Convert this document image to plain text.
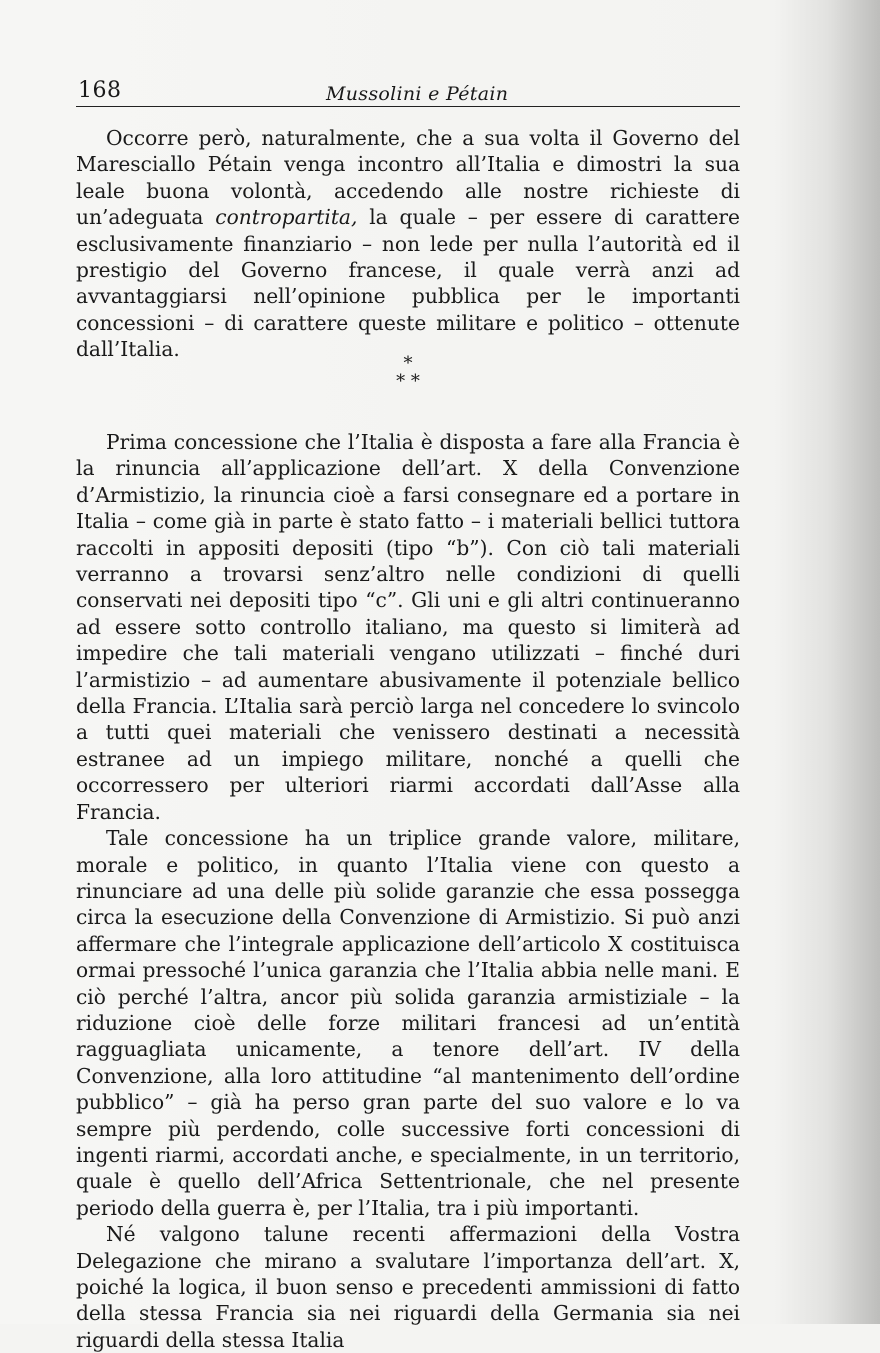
168	Mussolini e Pétain

Occorre però, naturalmente, che a sua volta il Governo del Maresciallo Pétain venga incontro all’Italia e dimostri la sua leale buona volontà, accedendo alle nostre richieste di un’adeguata contropartita, la quale – per essere di carattere esclusivamente finanziario – non lede per nulla l’autorità ed il prestigio del Governo francese, il quale verrà anzi ad avvantaggiarsi nell’opinione pubblica per le importanti concessioni – di carattere queste militare e politico – ottenute dall’Italia.

*
* *

Prima concessione che l’Italia è disposta a fare alla Francia è la rinuncia all’applicazione dell’art. X della Convenzione d’Armistizio, la rinuncia cioè a farsi consegnare ed a portare in Italia – come già in parte è stato fatto – i materiali bellici tuttora raccolti in appositi depositi (tipo “b”). Con ciò tali materiali verranno a trovarsi senz’altro nelle condizioni di quelli conservati nei depositi tipo “c”. Gli uni e gli altri continueranno ad essere sotto controllo italiano, ma questo si limiterà ad impedire che tali materiali vengano utilizzati – finché duri l’armistizio – ad aumentare abusivamente il potenziale bellico della Francia. L’Italia sarà perciò larga nel concedere lo svincolo a tutti quei materiali che venissero destinati a necessità estranee ad un impiego militare, nonché a quelli che occorressero per ulteriori riarmi accordati dall’Asse alla Francia.

Tale concessione ha un triplice grande valore, militare, morale e politico, in quanto l’Italia viene con questo a rinunciare ad una delle più solide garanzie che essa possegga circa la esecuzione della Convenzione di Armistizio. Si può anzi affermare che l’integrale applicazione dell’articolo X costituisca ormai pressoché l’unica garanzia che l’Italia abbia nelle mani. E ciò perché l’altra, ancor più solida garanzia armistiziale – la riduzione cioè delle forze militari francesi ad un’entità ragguagliata unicamente, a tenore dell’art. IV della Convenzione, alla loro attitudine “al mantenimento dell’ordine pubblico” – già ha perso gran parte del suo valore e lo va sempre più perdendo, colle successive forti concessioni di ingenti riarmi, accordati anche, e specialmente, in un territorio, quale è quello dell’Africa Settentrionale, che nel presente periodo della guerra è, per l’Italia, tra i più importanti.

Né valgono talune recenti affermazioni della Vostra Delegazione che mirano a svalutare l’importanza dell’art. X, poiché la logica, il buon senso e precedenti ammissioni di fatto della stessa Francia sia nei riguardi della Germania sia nei riguardi della stessa Italia
